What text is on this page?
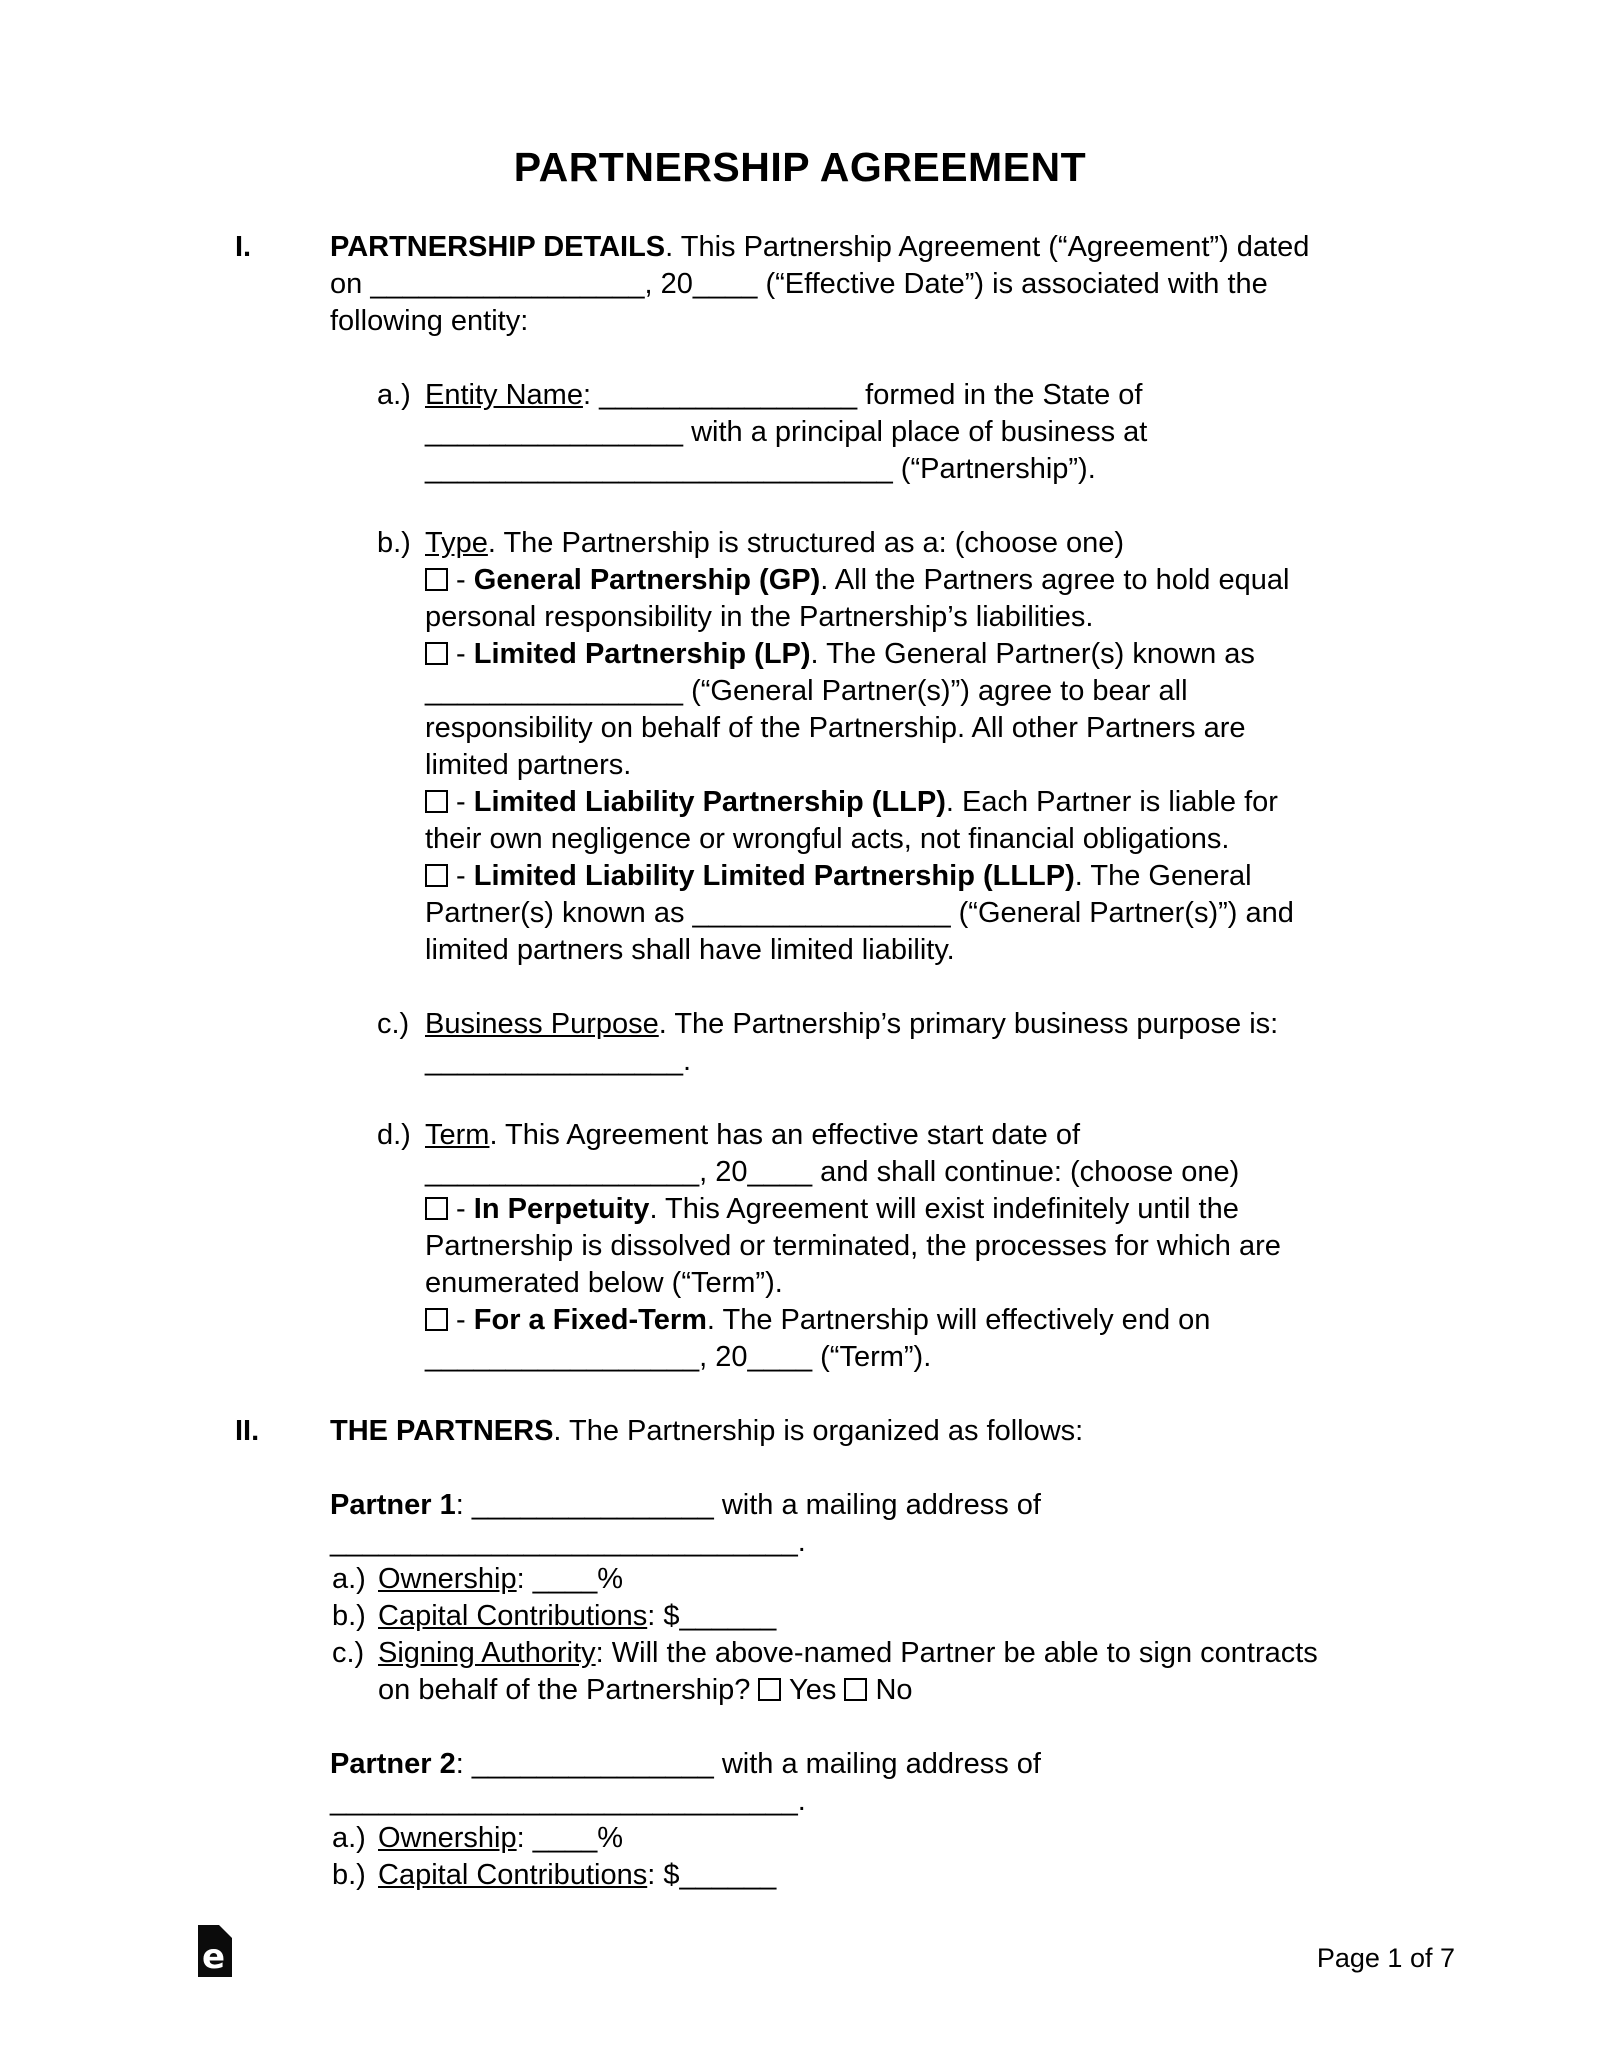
PARTNERSHIP AGREEMENT
I.	PARTNERSHIP DETAILS. This Partnership Agreement (“Agreement”) dated
on _________________, 20____ (“Effective Date”) is associated with the
following entity:
a.) Entity Name: ________________ formed in the State of
________________ with a principal place of business at
_____________________________ (“Partnership”).
b.) Type. The Partnership is structured as a: (choose one)
- General Partnership (GP). All the Partners agree to hold equal
personal responsibility in the Partnership’s liabilities.
- Limited Partnership (LP). The General Partner(s) known as
________________ (“General Partner(s)”) agree to bear all
responsibility on behalf of the Partnership. All other Partners are
limited partners.
- Limited Liability Partnership (LLP). Each Partner is liable for
their own negligence or wrongful acts, not financial obligations.
- Limited Liability Limited Partnership (LLLP). The General
Partner(s) known as ________________ (“General Partner(s)”) and
limited partners shall have limited liability.
c.) Business Purpose. The Partnership’s primary business purpose is:
________________.
d.) Term. This Agreement has an effective start date of
_________________, 20____ and shall continue: (choose one)
- In Perpetuity. This Agreement will exist indefinitely until the
Partnership is dissolved or terminated, the processes for which are
enumerated below (“Term”).
- For a Fixed-Term. The Partnership will effectively end on
_________________, 20____ (“Term”).
II.	THE PARTNERS. The Partnership is organized as follows:
Partner 1: _______________ with a mailing address of
_____________________________.
a.) Ownership: ____%
b.) Capital Contributions: $______
c.) Signing Authority: Will the above-named Partner be able to sign contracts
on behalf of the Partnership?  Yes  No
Partner 2: _______________ with a mailing address of
_____________________________.
a.) Ownership: ____%
b.) Capital Contributions: $______
e	Page 1 of 7
